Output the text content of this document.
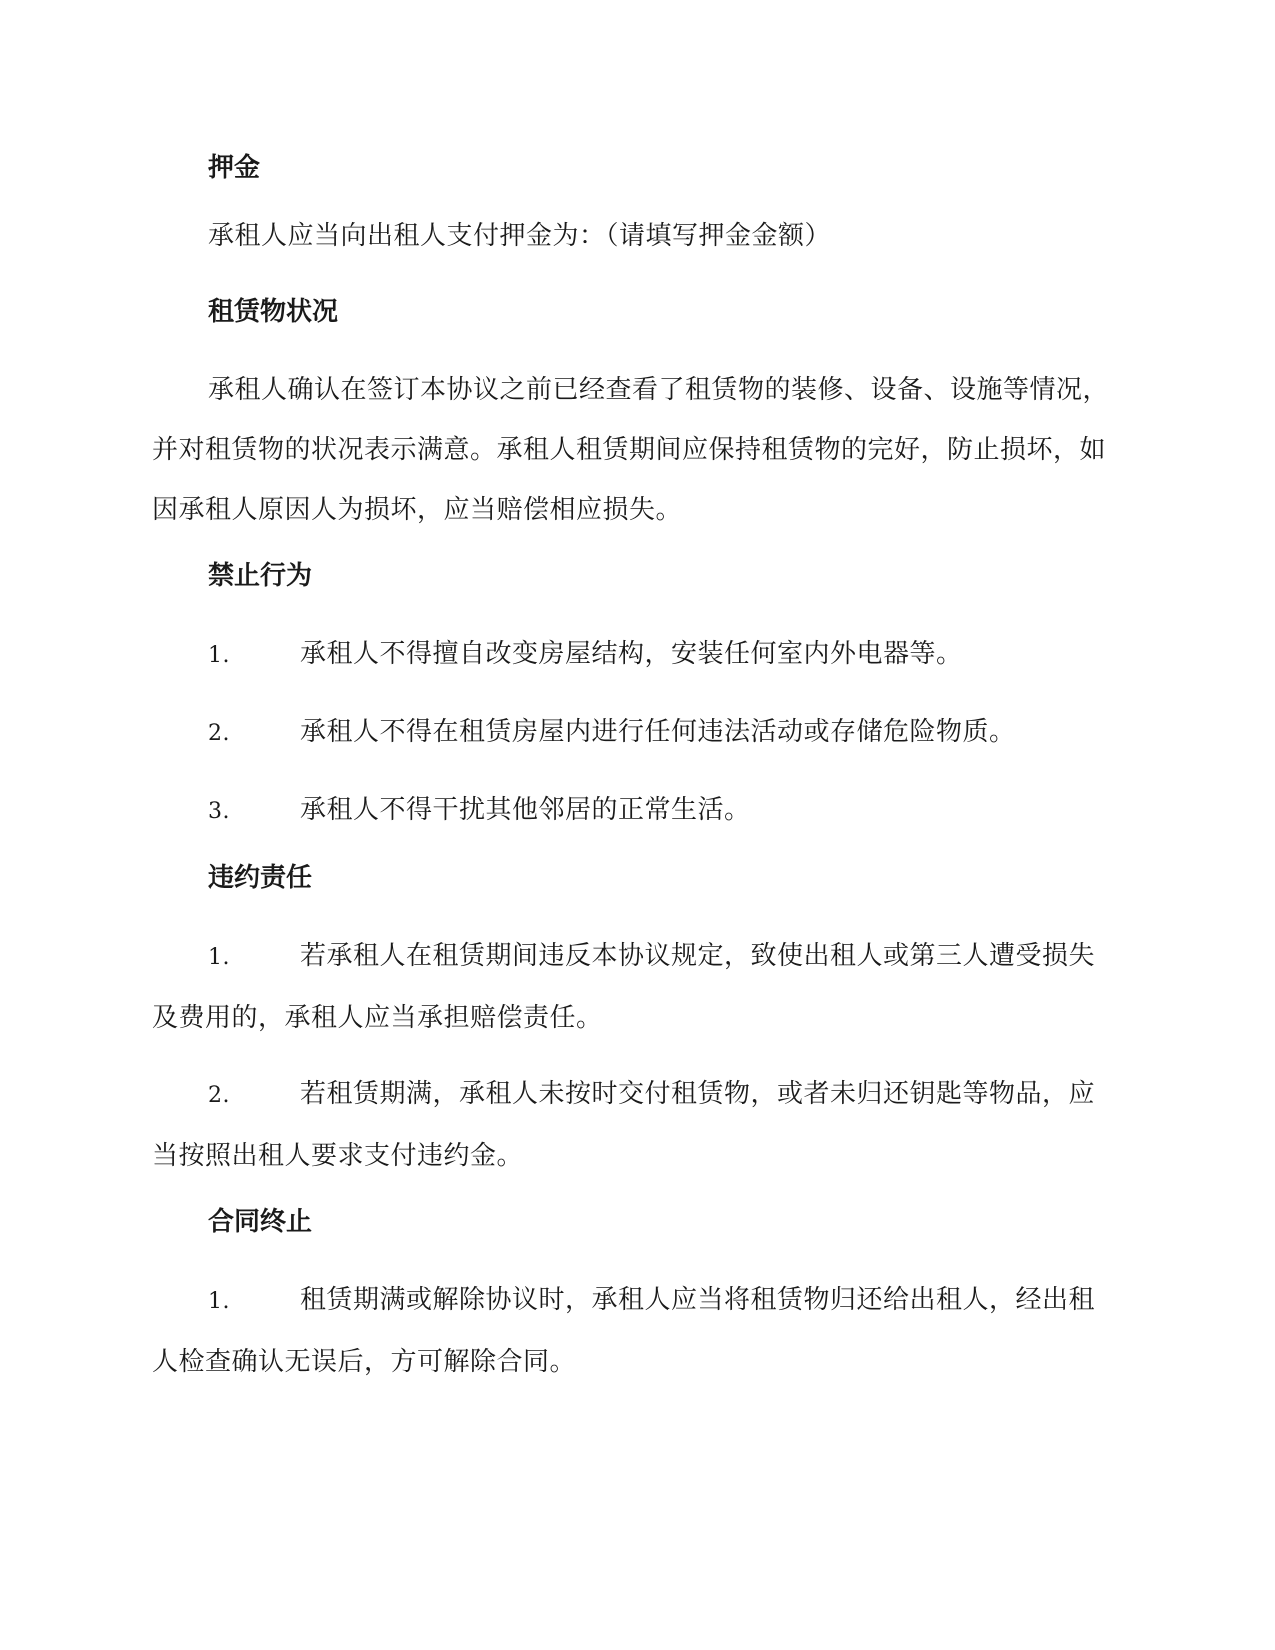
押金
承租人应当向出租人支付押金为：（请填写押金金额）
租赁物状况
承租人确认在签订本协议之前已经查看了租赁物的装修、设备、设施等情况，并对租赁物的状况表示满意。承租人租赁期间应保持租赁物的完好，防止损坏，如因承租人原因人为损坏，应当赔偿相应损失。
禁止行为
1.	承租人不得擅自改变房屋结构，安装任何室内外电器等。
2.	承租人不得在租赁房屋内进行任何违法活动或存储危险物质。
3.	承租人不得干扰其他邻居的正常生活。
违约责任
1.	若承租人在租赁期间违反本协议规定，致使出租人或第三人遭受损失及费用的，承租人应当承担赔偿责任。
2.	若租赁期满，承租人未按时交付租赁物，或者未归还钥匙等物品，应当按照出租人要求支付违约金。
合同终止
1.	租赁期满或解除协议时，承租人应当将租赁物归还给出租人，经出租人检查确认无误后，方可解除合同。
